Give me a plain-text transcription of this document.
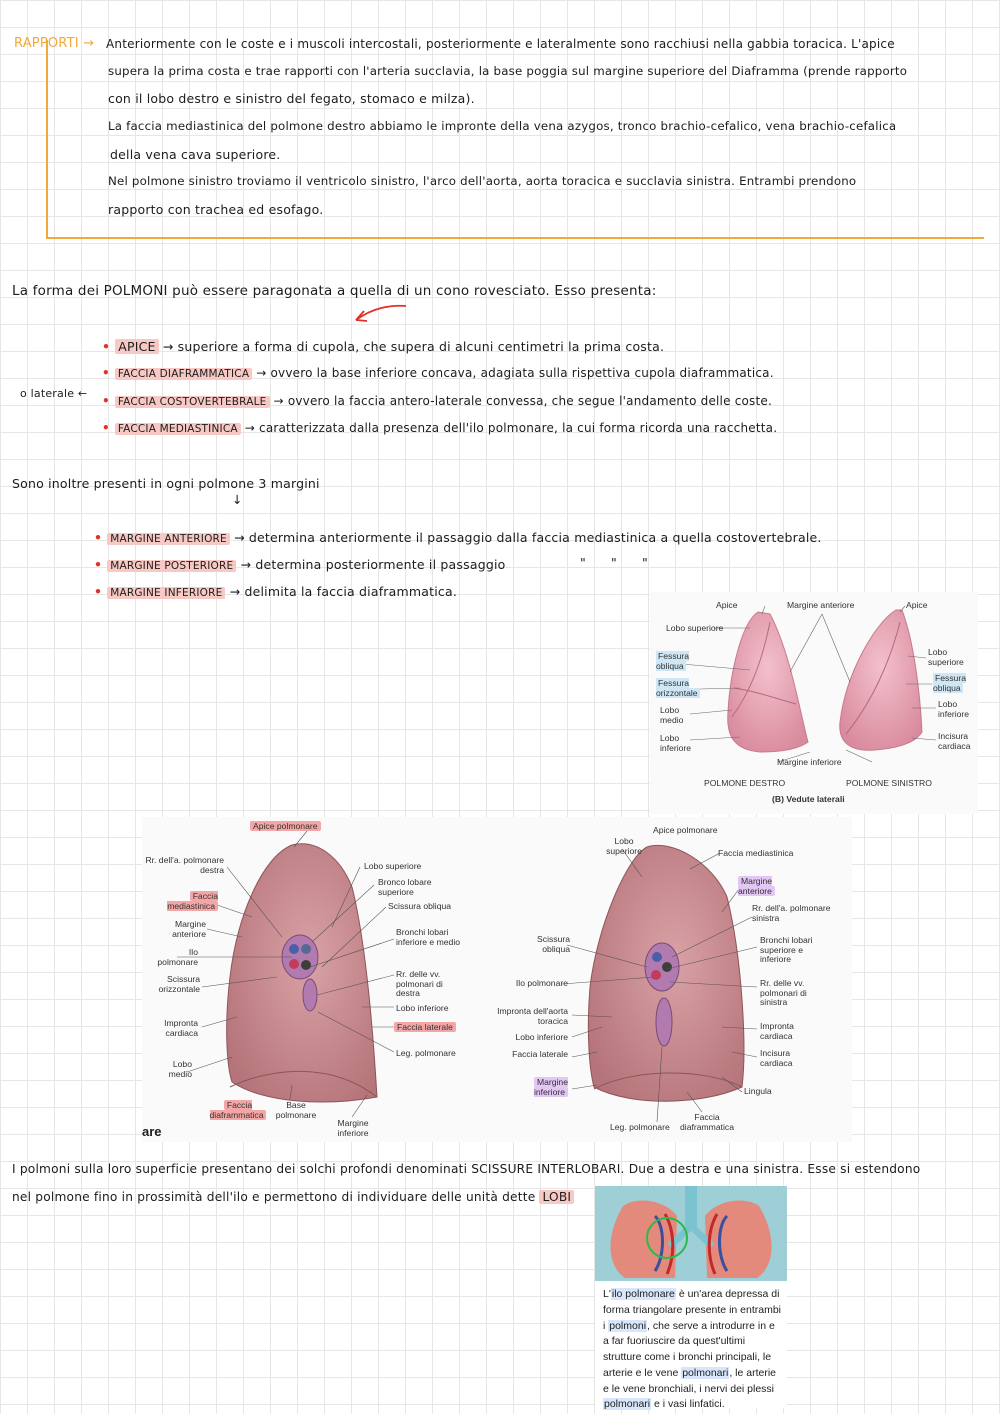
RAPPORTI → Anteriormente con le coste e i muscoli intercostali, posteriormente e lateralmente sono racchiusi nella gabbia toracica. L'apice
supera la prima costa e trae rapporti con l'arteria succlavia, la base poggia sul margine superiore del Diaframma (prende rapporto
con il lobo destro e sinistro del fegato, stomaco e milza).
La faccia mediastinica del polmone destro abbiamo le impronte della vena azygos, tronco brachio-cefalico, vena brachio-cefalica
della vena cava superiore.
Nel polmone sinistro troviamo il ventricolo sinistro, l'arco dell'aorta, aorta toracica e succlavia sinistra. Entrambi prendono
rapporto con trachea ed esofago.
La forma dei POLMONI può essere paragonata a quella di un cono rovesciato. Esso presenta:
o laterale ←
• APICE → superiore a forma di cupola, che supera di alcuni centimetri la prima costa.
• FACCIA DIAFRAMMATICA → ovvero la base inferiore concava, adagiata sulla rispettiva cupola diaframmatica.
• FACCIA COSTOVERTEBRALE → ovvero la faccia antero-laterale convessa, che segue l'andamento delle coste.
• FACCIA MEDIASTINICA → caratterizzata dalla presenza dell'ilo polmonare, la cui forma ricorda una racchetta.
Sono inoltre presenti in ogni polmone 3 margini
↓
• MARGINE ANTERIORE → determina anteriormente il passaggio dalla faccia mediastinica a quella costovertebrale.
• MARGINE POSTERIORE → determina posteriormente il passaggio	"      "      "
• MARGINE INFERIORE → delimita la faccia diaframmatica.
Apice	Margine anteriore	Apice
Lobo superiore
Fessura obliqua
Fessura orizzontale
Lobo medio
Lobo inferiore
Margine inferiore
Lobo superiore
Fessura obliqua
Lobo inferiore
Incisura cardiaca
POLMONE DESTRO	POLMONE SINISTRO
(B) Vedute laterali
Apice polmonare
Rr. dell'a. polmonare destra
Faccia mediastinica
Margine anteriore
Ilo polmonare
Scissura orizzontale
Impronta cardiaca
Lobo medio
Faccia diaframmatica
Base polmonare
Margine inferiore
Lobo superiore
Bronco lobare superiore
Scissura obliqua
Bronchi lobari inferiore e medio
Rr. delle vv. polmonari di destra
Lobo inferiore
Faccia laterale
Leg. polmonare
Lobo superiore
Apice polmonare
Faccia mediastinica
Margine anteriore
Rr. dell'a. polmonare sinistra
Scissura obliqua
Bronchi lobari superiore e inferiore
Ilo polmonare	Rr. delle vv. polmonari di sinistra
Impronta dell'aorta toracica
Lobo inferiore
Impronta cardiaca
Faccia laterale	Incisura cardiaca
Margine inferiore	Lingula
Leg. polmonare
Faccia diaframmatica
are
I polmoni sulla loro superficie presentano dei solchi profondi denominati SCISSURE INTERLOBARI. Due a destra e una sinistra. Esse si estendono
nel polmone fino in prossimità dell'ilo e permettono di individuare delle unità dette LOBI
L'ilo polmonare è un'area depressa di forma triangolare presente in entrambi i polmoni, che serve a introdurre in e a far fuoriuscire da quest'ultimi strutture come i bronchi principali, le arterie e le vene polmonari, le arterie e le vene bronchiali, i nervi dei plessi polmonari e i vasi linfatici.
